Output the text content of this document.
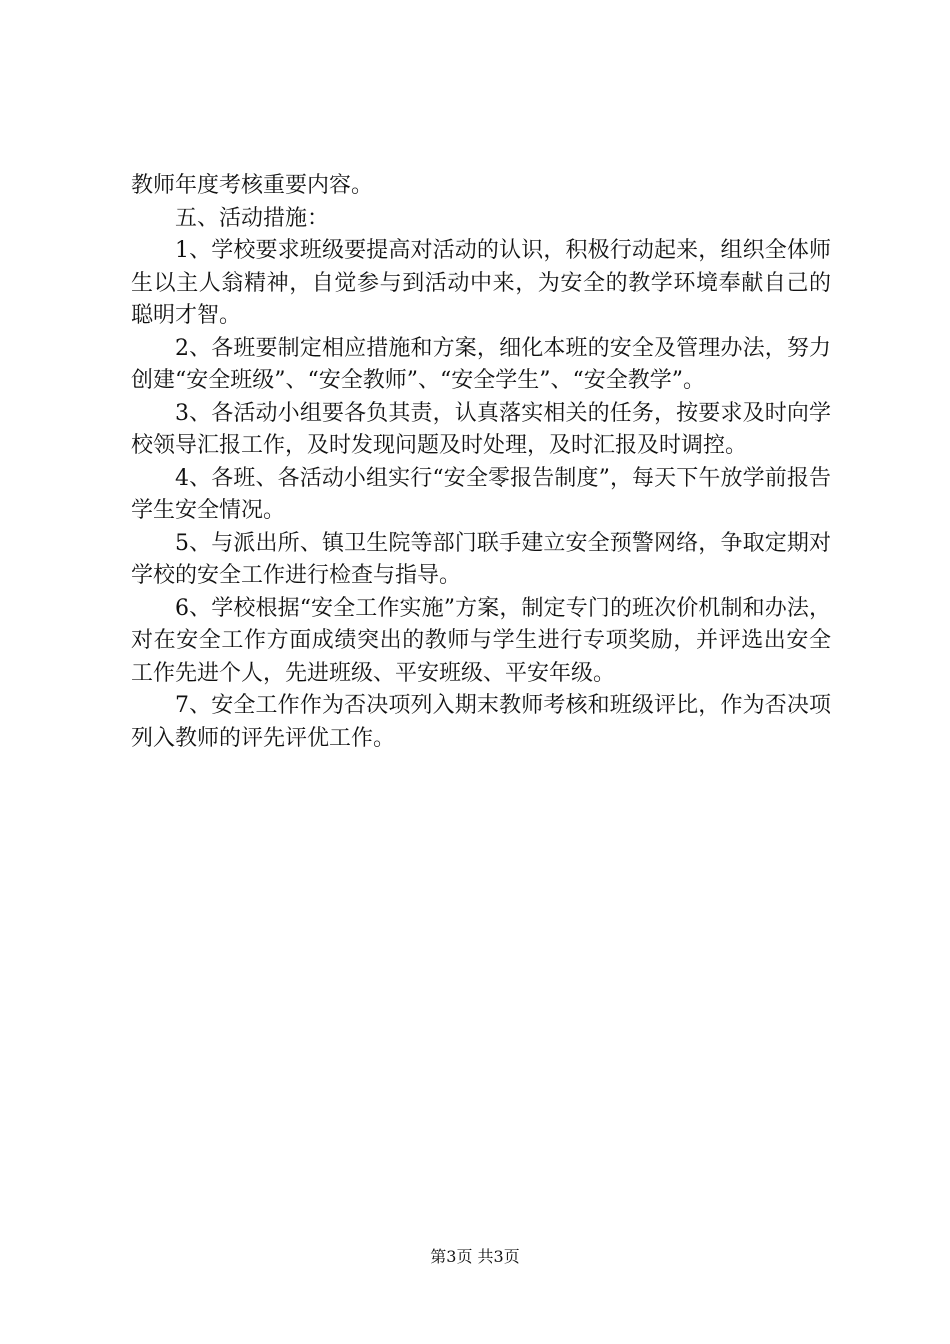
教师年度考核重要内容。

五、活动措施：

1、学校要求班级要提高对活动的认识，积极行动起来，组织全体师生以主人翁精神，自觉参与到活动中来，为安全的教学环境奉献自己的聪明才智。

2、各班要制定相应措施和方案，细化本班的安全及管理办法，努力创建“安全班级”、“安全教师”、“安全学生”、“安全教学”。

3、各活动小组要各负其责，认真落实相关的任务，按要求及时向学校领导汇报工作，及时发现问题及时处理，及时汇报及时调控。

4、各班、各活动小组实行“安全零报告制度”，每天下午放学前报告学生安全情况。

5、与派出所、镇卫生院等部门联手建立安全预警网络，争取定期对学校的安全工作进行检查与指导。

6、学校根据“安全工作实施”方案，制定专门的班次价机制和办法，对在安全工作方面成绩突出的教师与学生进行专项奖励，并评选出安全工作先进个人，先进班级、平安班级、平安年级。

7、安全工作作为否决项列入期末教师考核和班级评比，作为否决项列入教师的评先评优工作。

第3页 共3页
